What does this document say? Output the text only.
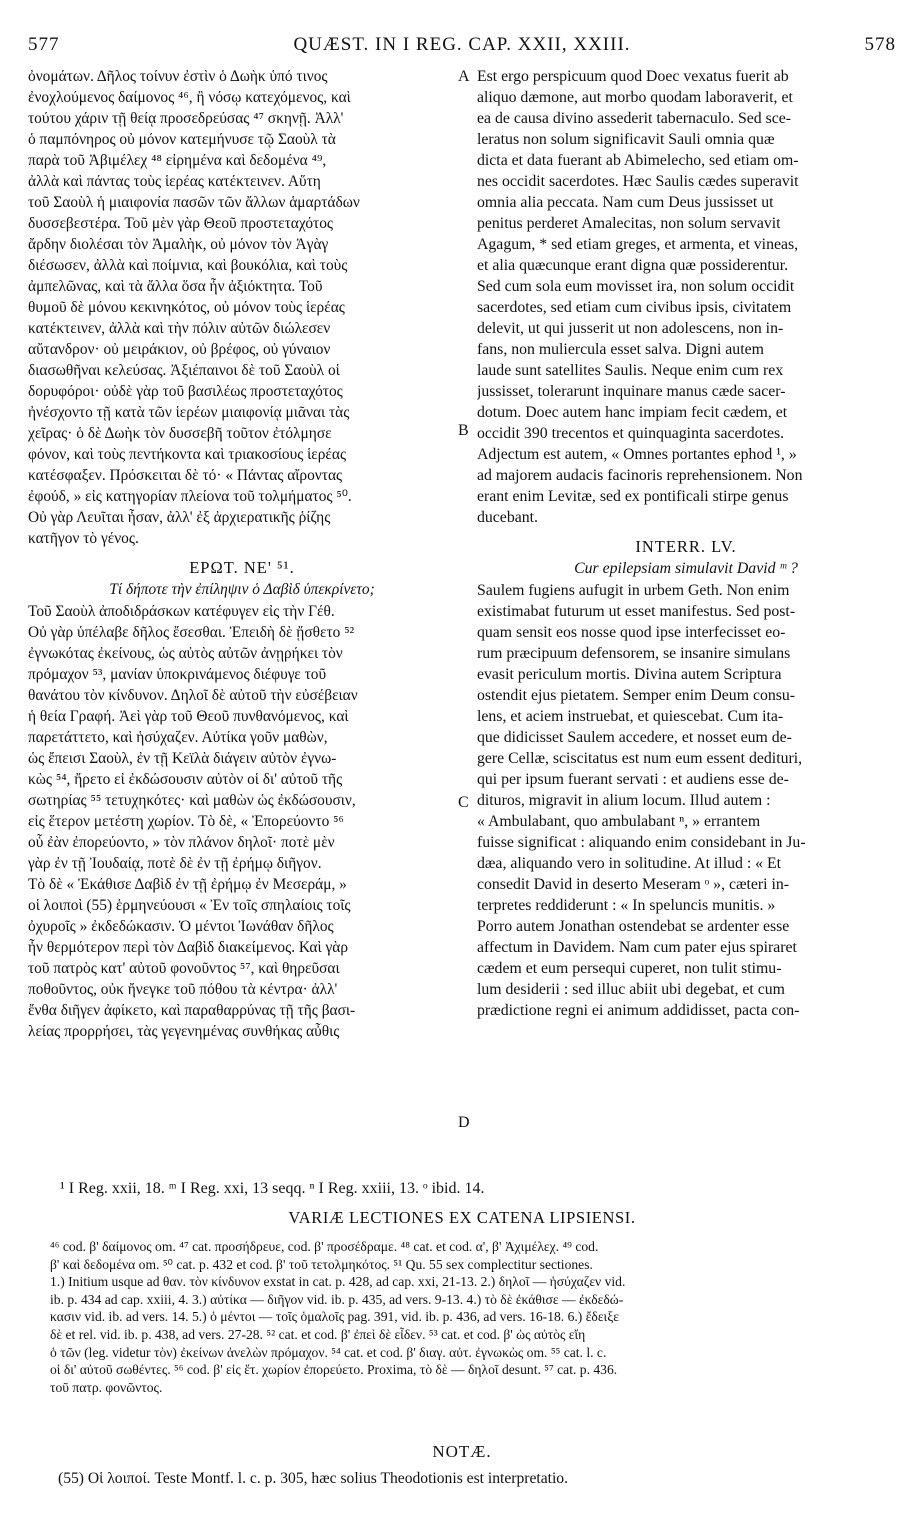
577	QUÆST. IN I REG. CAP. XXII, XXIII.	578
A
B
C
D
ὀνομάτων. Δῆλος τοίνυν ἐστὶν ὁ Δωὴκ ὑπό τινος
ἐνοχλούμενος δαίμονος ⁴⁶, ἢ νόσῳ κατεχόμενος, καὶ
τούτου χάριν τῇ θείᾳ προσεδρεύσας ⁴⁷ σκηνῇ. Ἀλλ'
ὁ παμπόνηρος οὐ μόνον κατεμήνυσε τῷ Σαοὺλ τὰ
παρὰ τοῦ Ἀβιμέλεχ ⁴⁸ εἰρημένα καὶ δεδομένα ⁴⁹,
ἀλλὰ καὶ πάντας τοὺς ἱερέας κατέκτεινεν. Αὕτη
τοῦ Σαοὺλ ἡ μιαιφονία πασῶν τῶν ἄλλων ἁμαρτάδων
δυσσεβεστέρα. Τοῦ μὲν γὰρ Θεοῦ προστεταχότος
ἄρδην διολέσαι τὸν Ἀμαλὴκ, οὐ μόνον τὸν Ἀγὰγ
διέσωσεν, ἀλλὰ καὶ ποίμνια, καὶ βουκόλια, καὶ τοὺς
ἀμπελῶνας, καὶ τὰ ἄλλα ὅσα ἦν ἀξιόκτητα. Τοῦ
θυμοῦ δὲ μόνου κεκινηκότος, οὐ μόνον τοὺς ἱερέας
κατέκτεινεν, ἀλλὰ καὶ τὴν πόλιν αὐτῶν διώλεσεν
αὔτανδρον· οὐ μειράκιον, οὐ βρέφος, οὐ γύναιον
διασωθῆναι κελεύσας. Ἀξιέπαινοι δὲ τοῦ Σαοὺλ οἱ
δορυφόροι· οὐδὲ γὰρ τοῦ βασιλέως προστεταχότος
ἠνέσχοντο τῇ κατὰ τῶν ἱερέων μιαιφονίᾳ μιᾶναι τὰς
χεῖρας· ὁ δὲ Δωὴκ τὸν δυσσεβῆ τοῦτον ἐτόλμησε
φόνον, καὶ τοὺς πεντήκοντα καὶ τριακοσίους ἱερέας
κατέσφαξεν. Πρόσκειται δὲ τό· « Πάντας αἴροντας
ἐφούδ, » εἰς κατηγορίαν πλείονα τοῦ τολμήματος ⁵⁰.
Οὐ γὰρ Λευῖται ἦσαν, ἀλλ' ἐξ ἀρχιερατικῆς ῥίζης
κατῆγον τὸ γένος.
ΕΡΩΤ. ΝΕ' ⁵¹.
Τί δήποτε τὴν ἐπίληψιν ὁ Δαβὶδ ὑπεκρίνετο;
Τοῦ Σαοὺλ ἀποδιδράσκων κατέφυγεν εἰς τὴν Γέθ.
Οὐ γὰρ ὑπέλαβε δῆλος ἔσεσθαι. Ἐπειδὴ δὲ ᾔσθετο ⁵²
ἐγνωκότας ἐκείνους, ὡς αὐτὸς αὐτῶν ἀνῃρήκει τὸν
πρόμαχον ⁵³, μανίαν ὑποκρινάμενος διέφυγε τοῦ
θανάτου τὸν κίνδυνον. Δηλοῖ δὲ αὐτοῦ τὴν εὐσέβειαν
ἡ θεία Γραφή. Ἀεὶ γὰρ τοῦ Θεοῦ πυνθανόμενος, καὶ
παρετάττετο, καὶ ἡσύχαζεν. Αὐτίκα γοῦν μαθὼν,
ὡς ἔπεισι Σαοὺλ, ἐν τῇ Κεϊλὰ διάγειν αὐτὸν ἐγνω-
κὼς ⁵⁴, ἤρετο εἰ ἐκδώσουσιν αὐτὸν οἱ δι' αὐτοῦ τῆς
σωτηρίας ⁵⁵ τετυχηκότες· καὶ μαθὼν ὡς ἐκδώσουσιν,
εἰς ἕτερον μετέστη χωρίον. Τὸ δὲ, « Ἐπορεύοντο ⁵⁶
οὗ ἐὰν ἐπορεύοντο, » τὸν πλάνον δηλοῖ· ποτὲ μὲν
γὰρ ἐν τῇ Ἰουδαίᾳ, ποτὲ δὲ ἐν τῇ ἐρήμῳ διῆγον.
Τὸ δὲ « Ἐκάθισε Δαβὶδ ἐν τῇ ἐρήμῳ ἐν Μεσεράμ, »
οἱ λοιποὶ (55) ἑρμηνεύουσι « Ἐν τοῖς σπηλαίοις τοῖς
ὀχυροῖς » ἐκδεδώκασιν. Ὁ μέντοι Ἰωνάθαν δῆλος
ἦν θερμότερον περὶ τὸν Δαβὶδ διακείμενος. Καὶ γὰρ
τοῦ πατρὸς κατ' αὐτοῦ φονοῦντος ⁵⁷, καὶ θηρεῦσαι
ποθοῦντος, οὐκ ἤνεγκε τοῦ πόθου τὰ κέντρα· ἀλλ'
ἔνθα διῆγεν ἀφίκετο, καὶ παραθαρρύνας τῇ τῆς βασι-
λείας προρρήσει, τὰς γεγενημένας συνθήκας αὖθις
Est ergo perspicuum quod Doec vexatus fuerit ab
aliquo dæmone, aut morbo quodam laboraverit, et
ea de causa divino assederit tabernaculo. Sed sce-
leratus non solum significavit Sauli omnia quæ
dicta et data fuerant ab Abimelecho, sed etiam om-
nes occidit sacerdotes. Hæc Saulis cædes superavit
omnia alia peccata. Nam cum Deus jussisset ut
penitus perderet Amalecitas, non solum servavit
Agagum, * sed etiam greges, et armenta, et vineas,
et alia quæcunque erant digna quæ possiderentur.
Sed cum sola eum movisset ira, non solum occidit
sacerdotes, sed etiam cum civibus ipsis, civitatem
delevit, ut qui jusserit ut non adolescens, non in-
fans, non muliercula esset salva. Digni autem
laude sunt satellites Saulis. Neque enim cum rex
jussisset, tolerarunt inquinare manus cæde sacer-
dotum. Doec autem hanc impiam fecit cædem, et
occidit 390 trecentos et quinquaginta sacerdotes.
Adjectum est autem, « Omnes portantes ephod ¹, »
ad majorem audacis facinoris reprehensionem. Non
erant enim Levitæ, sed ex pontificali stirpe genus
ducebant.
INTERR. LV.
Cur epilepsiam simulavit David ᵐ ?
Saulem fugiens aufugit in urbem Geth. Non enim
existimabat futurum ut esset manifestus. Sed post-
quam sensit eos nosse quod ipse interfecisset eo-
rum præcipuum defensorem, se insanire simulans
evasit periculum mortis. Divina autem Scriptura
ostendit ejus pietatem. Semper enim Deum consu-
lens, et aciem instruebat, et quiescebat. Cum ita-
que didicisset Saulem accedere, et nosset eum de-
gere Cellæ, sciscitatus est num eum essent dedituri,
qui per ipsum fuerant servati : et audiens esse de-
dituros, migravit in alium locum. Illud autem :
« Ambulabant, quo ambulabant ⁿ, » errantem
fuisse significat : aliquando enim considebant in Ju-
dæa, aliquando vero in solitudine. At illud : « Et
consedit David in deserto Meseram ᵒ », cæteri in-
terpretes reddiderunt : « In speluncis munitis. »
Porro autem Jonathan ostendebat se ardenter esse
affectum in Davidem. Nam cum pater ejus spiraret
cædem et eum persequi cuperet, non tulit stimu-
lum desiderii : sed illuc abiit ubi degebat, et cum
prædictione regni ei animum addidisset, pacta con-
¹ I Reg. xxii, 18. ᵐ I Reg. xxi, 13 seqq. ⁿ I Reg. xxiii, 13. ᵒ ibid. 14.
VARIÆ LECTIONES EX CATENA LIPSIENSI.
⁴⁶ cod. β' δαίμονος om. ⁴⁷ cat. προσήδρευε, cod. β' προσέδραμε. ⁴⁸ cat. et cod. α', β' Ἀχιμέλεχ. ⁴⁹ cod.
β' καὶ δεδομένα om. ⁵⁰ cat. p. 432 et cod. β' τοῦ τετολμηκότος. ⁵¹ Qu. 55 sex complectitur sectiones.
1.) Initium usque ad θαν. τὸν κίνδυνον exstat in cat. p. 428, ad cap. xxi, 21-13. 2.) δηλοῖ — ἡσύχαζεν vid.
ib. p. 434 ad cap. xxiii, 4. 3.) αὐτίκα — διῆγον vid. ib. p. 435, ad vers. 9-13. 4.) τὸ δὲ ἐκάθισε — ἐκδεδώ-
κασιν vid. ib. ad vers. 14. 5.) ὁ μέντοι — τοῖς ὁμαλοῖς pag. 391, vid. ib. p. 436, ad vers. 16-18. 6.) ἔδειξε
δὲ et rel. vid. ib. p. 438, ad vers. 27-28. ⁵² cat. et cod. β' ἐπεὶ δὲ εἶδεν. ⁵³ cat. et cod. β' ὡς αὐτὸς εἴη
ὁ τῶν (leg. videtur τὸν) ἐκείνων ἀνελὼν πρόμαχον. ⁵⁴ cat. et cod. β' διαγ. αὐτ. ἐγνωκὼς om. ⁵⁵ cat. l. c.
οἱ δι' αὐτοῦ σωθέντες. ⁵⁶ cod. β' εἰς ἕτ. χωρίον ἐπορεύετο. Proxima, τὸ δὲ — δηλοῖ desunt. ⁵⁷ cat. p. 436.
τοῦ πατρ. φονῶντος.
NOTÆ.
(55) Οἱ λοιποί. Teste Montf. l. c. p. 305, hæc solius Theodotionis est interpretatio.
